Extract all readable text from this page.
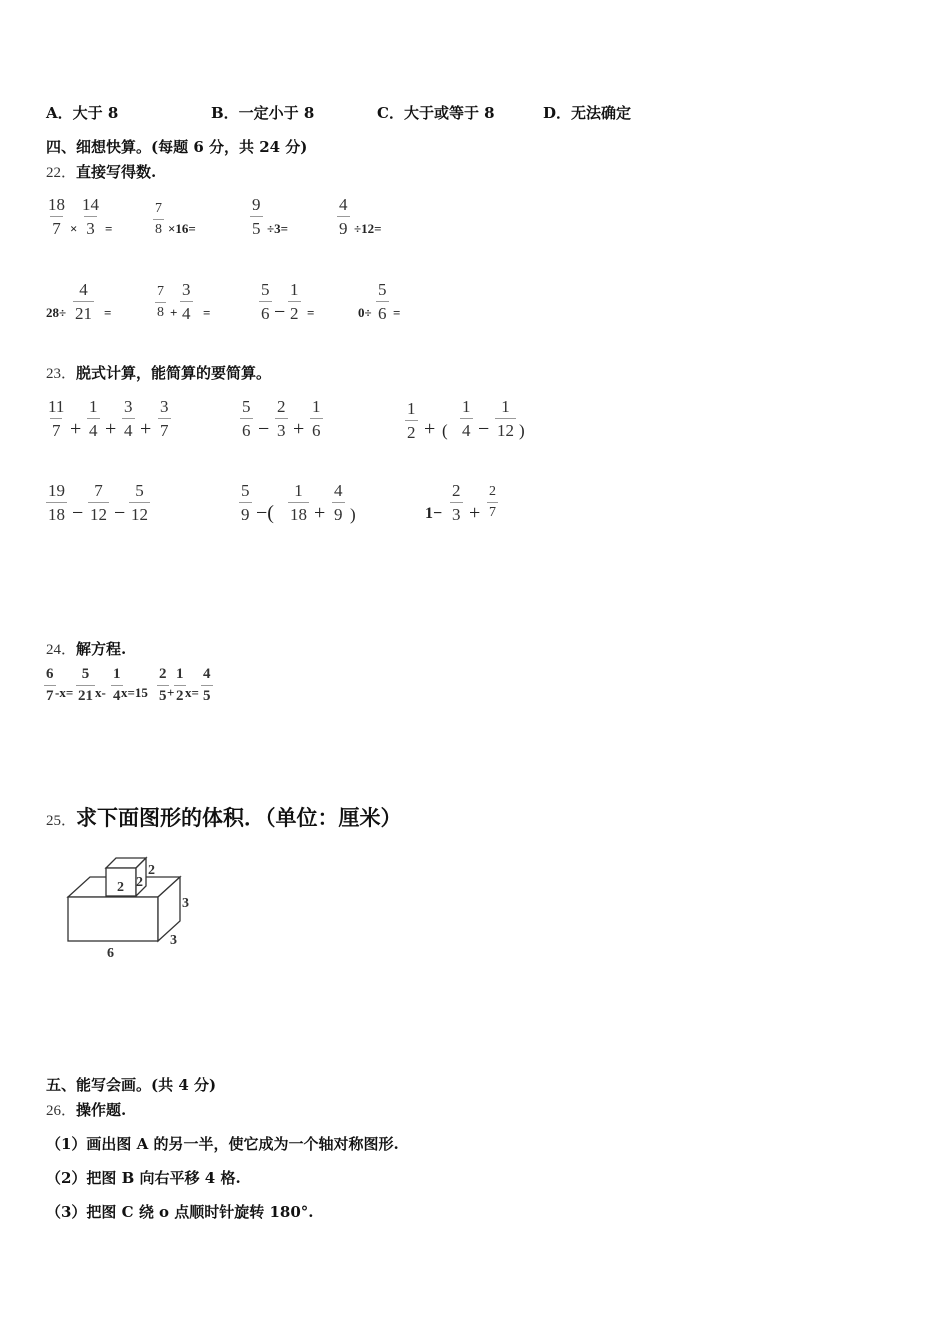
A．大于 8	B．一定小于 8	C．大于或等于 8	D．无法确定
四、细想快算。(每题 6 分，共 24 分)
22．直接写得数.
$\frac{18}{7} \times \frac{14}{3}$ =	$\frac{7}{8} \times 16=$	$\frac{9}{5} \div 3=$	$\frac{4}{9} \div 12=$
$28\div \frac{4}{21}$ =	$\frac{7}{8} + \frac{3}{4}$ =	$\frac{5}{6} - \frac{1}{2}$ =	$0\div \frac{5}{6}$ =
23．脱式计算，能简算的要简算。
$\frac{11}{7} + \frac{1}{4} + \frac{3}{4} + \frac{3}{7}$	$\frac{5}{6} - \frac{2}{3} + \frac{1}{6}$	$\frac{1}{2}$ + ( $\frac{1}{4} - \frac{1}{12}$ )
$\frac{19}{18} - \frac{7}{12} - \frac{5}{12}$	$\frac{5}{9}$ −( $\frac{1}{18} + \frac{4}{9}$ )	$1- \frac{2}{3} + \frac{2}{7}$
24．解方程.
$\frac{6}{7} -x= \frac{5}{21} x- \frac{1}{4}$
$x=15 \frac{2}{5}$
+ $\frac{1}{2} x= \frac{4}{5}$
25．求下面图形的体积．（单位：厘米）
2 2
2
3
3
6
五、能写会画。(共 4 分)
26．操作题.
（1）画出图 A 的另一半，使它成为一个轴对称图形.
（2）把图 B 向右平移 4 格.
（3）把图 C 绕 o 点顺时针旋转 180°.
